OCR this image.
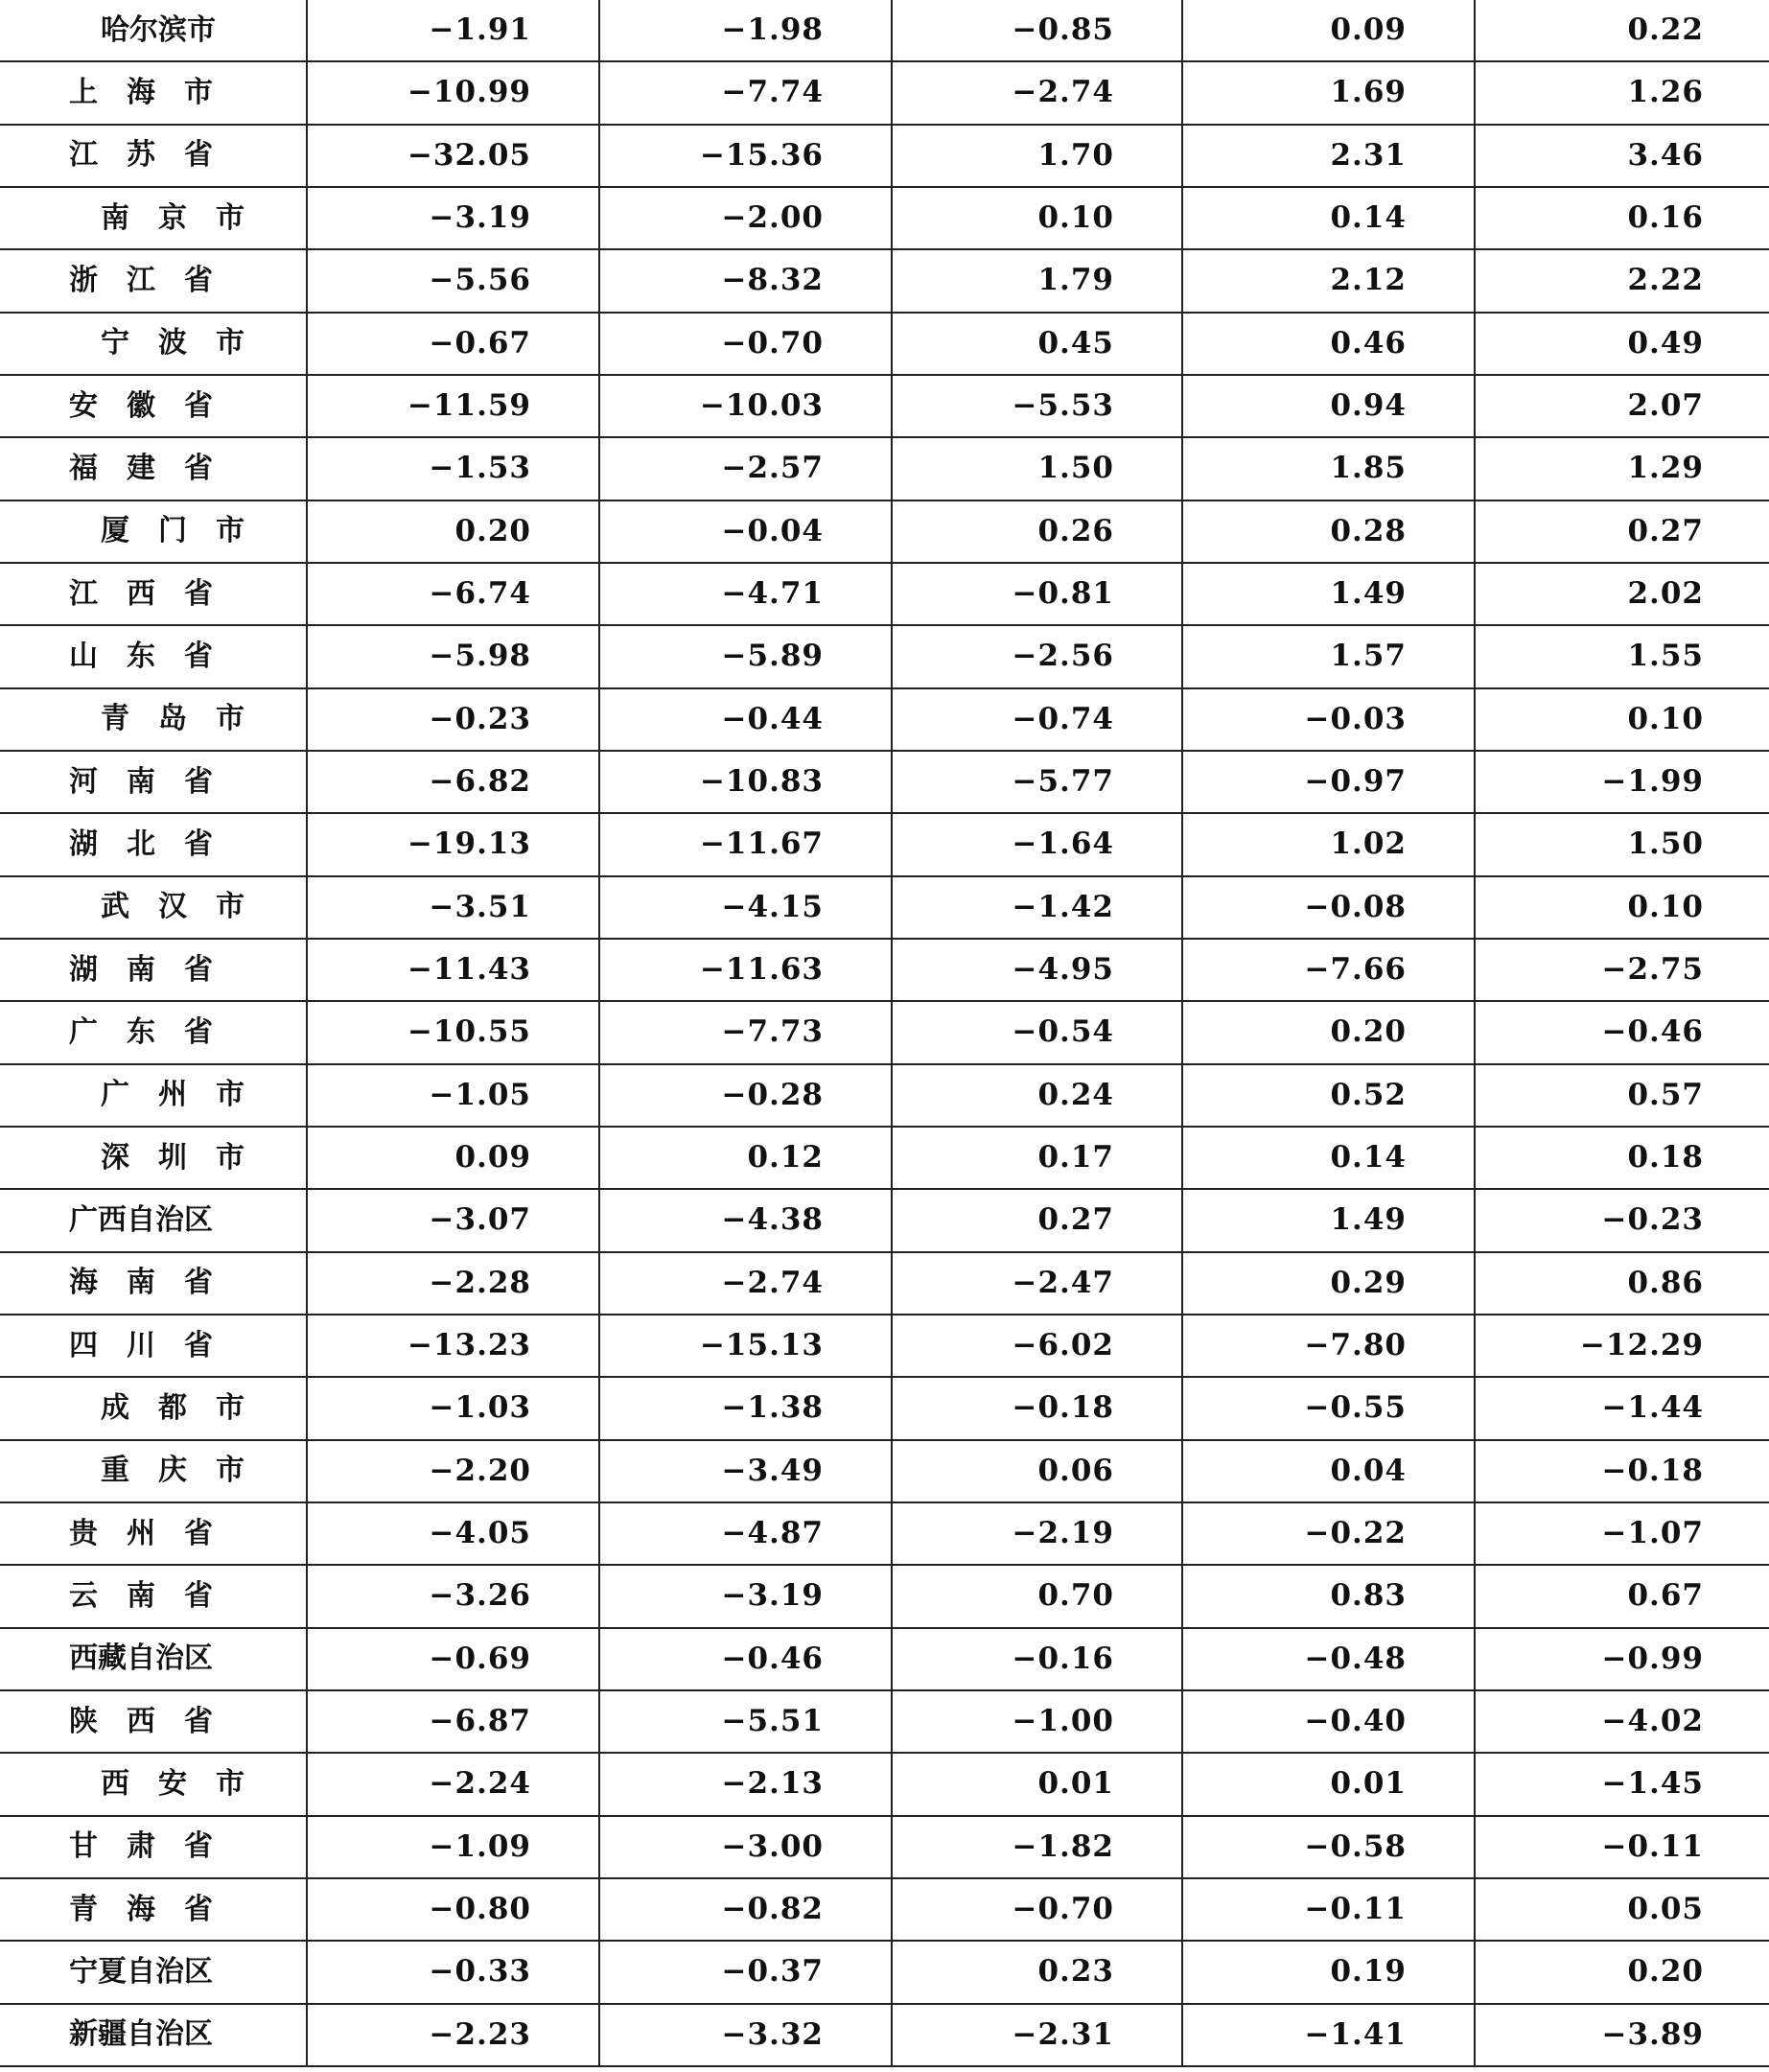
哈尔滨市	−1.91	−1.98	−0.85	0.09	0.22
上　海　市	−10.99	−7.74	−2.74	1.69	1.26
江　苏　省	−32.05	−15.36	1.70	2.31	3.46
南　京　市	−3.19	−2.00	0.10	0.14	0.16
浙　江　省	−5.56	−8.32	1.79	2.12	2.22
宁　波　市	−0.67	−0.70	0.45	0.46	0.49
安　徽　省	−11.59	−10.03	−5.53	0.94	2.07
福　建　省	−1.53	−2.57	1.50	1.85	1.29
厦　门　市	0.20	−0.04	0.26	0.28	0.27
江　西　省	−6.74	−4.71	−0.81	1.49	2.02
山　东　省	−5.98	−5.89	−2.56	1.57	1.55
青　岛　市	−0.23	−0.44	−0.74	−0.03	0.10
河　南　省	−6.82	−10.83	−5.77	−0.97	−1.99
湖　北　省	−19.13	−11.67	−1.64	1.02	1.50
武　汉　市	−3.51	−4.15	−1.42	−0.08	0.10
湖　南　省	−11.43	−11.63	−4.95	−7.66	−2.75
广　东　省	−10.55	−7.73	−0.54	0.20	−0.46
广　州　市	−1.05	−0.28	0.24	0.52	0.57
深　圳　市	0.09	0.12	0.17	0.14	0.18
广西自治区	−3.07	−4.38	0.27	1.49	−0.23
海　南　省	−2.28	−2.74	−2.47	0.29	0.86
四　川　省	−13.23	−15.13	−6.02	−7.80	−12.29
成　都　市	−1.03	−1.38	−0.18	−0.55	−1.44
重　庆　市	−2.20	−3.49	0.06	0.04	−0.18
贵　州　省	−4.05	−4.87	−2.19	−0.22	−1.07
云　南　省	−3.26	−3.19	0.70	0.83	0.67
西藏自治区	−0.69	−0.46	−0.16	−0.48	−0.99
陕　西　省	−6.87	−5.51	−1.00	−0.40	−4.02
西　安　市	−2.24	−2.13	0.01	0.01	−1.45
甘　肃　省	−1.09	−3.00	−1.82	−0.58	−0.11
青　海　省	−0.80	−0.82	−0.70	−0.11	0.05
宁夏自治区	−0.33	−0.37	0.23	0.19	0.20
新疆自治区	−2.23	−3.32	−2.31	−1.41	−3.89
